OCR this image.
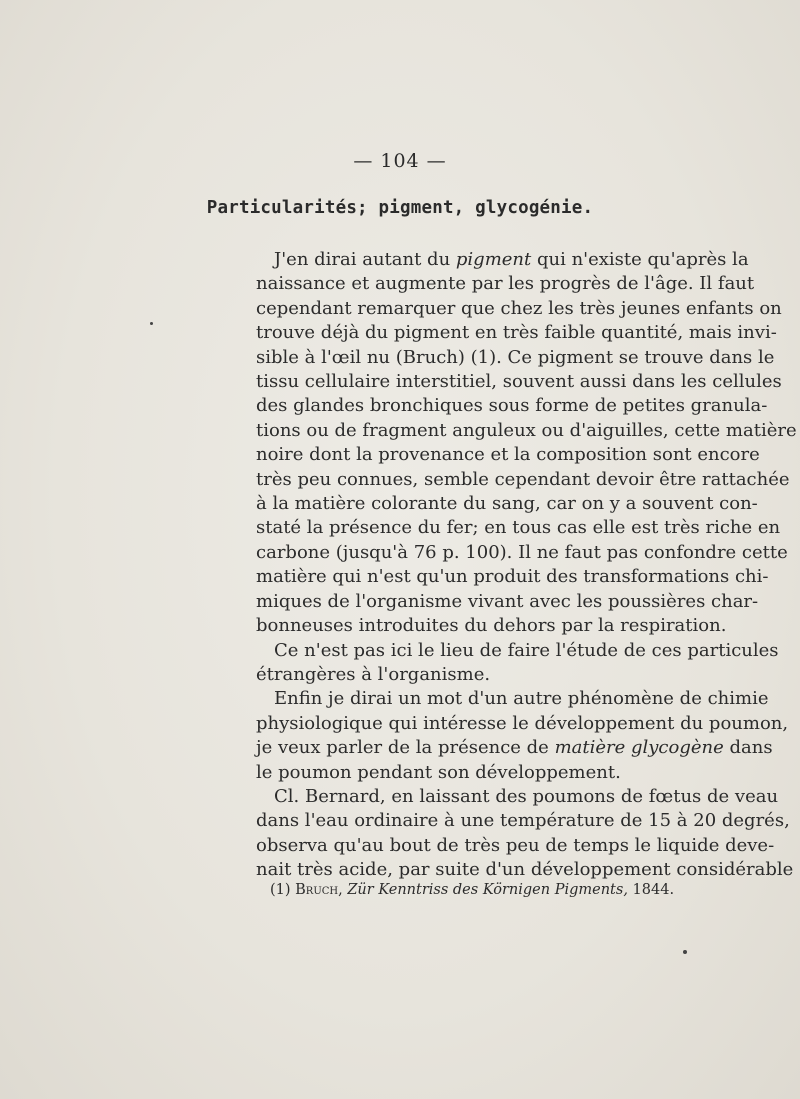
— 104 —
Particularités; pigment, glycogénie.

J'en dirai autant du pigment qui n'existe qu'après la
naissance et augmente par les progrès de l'âge. Il faut
cependant remarquer que chez les très jeunes enfants on
trouve déjà du pigment en très faible quantité, mais invi-
sible à l'œil nu (Bruch) (1). Ce pigment se trouve dans le
tissu cellulaire interstitiel, souvent aussi dans les cellules
des glandes bronchiques sous forme de petites granula-
tions ou de fragment anguleux ou d'aiguilles, cette matière
noire dont la provenance et la composition sont encore
très peu connues, semble cependant devoir être rattachée
à la matière colorante du sang, car on y a souvent con-
staté la présence du fer; en tous cas elle est très riche en
carbone (jusqu'à 76 p. 100). Il ne faut pas confondre cette
matière qui n'est qu'un produit des transformations chi-
miques de l'organisme vivant avec les poussières char-
bonneuses introduites du dehors par la respiration.

Ce n'est pas ici le lieu de faire l'étude de ces particules
étrangères à l'organisme.

Enfin je dirai un mot d'un autre phénomène de chimie
physiologique qui intéresse le développement du poumon,
je veux parler de la présence de matière glycogène dans
le poumon pendant son développement.

Cl. Bernard, en laissant des poumons de fœtus de veau
dans l'eau ordinaire à une température de 15 à 20 degrés,
observa qu'au bout de très peu de temps le liquide deve-
nait très acide, par suite d'un développement considérable

(1) Bruch, Zür Kenntriss des Körnigen Pigments, 1844.
